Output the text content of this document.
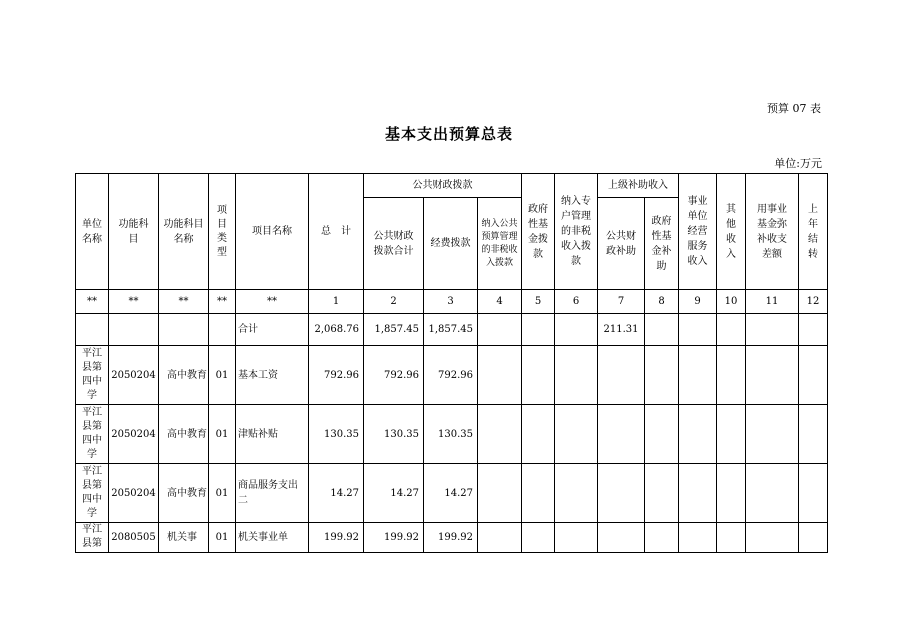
预算 07 表
基本支出预算总表
单位:万元
单位名称	功能科目	功能科目名称	项目类型	项目名称	总　计	公共财政拨款			政府性基金拨款	纳入专户管理的非税收入拨款	上级补助收入		事业单位经营服务收入	其他收入	用事业基金弥补收支差额	上年结转

						公共财政拨款合计	经费拨款	纳入公共预算管理的非税收入拨款			公共财政补助	政府性基金补助				

**	**	**	**	**	1	2	3	4	5	6	7	8	9	10	11	12
				合计	2,068.76	1,857.45	1,857.45				211.31					

平江县第四中学	2050204	高中教育	01	基本工资	792.96	792.96	792.96									

平江县第四中学	2050204	高中教育	01	津贴补贴	130.35	130.35	130.35									

平江县第四中学	2050204	高中教育	01	商品服务支出二	14.27	14.27	14.27									

平江县第	2080505	机关事	01	机关事业单	199.92	199.92	199.92									
